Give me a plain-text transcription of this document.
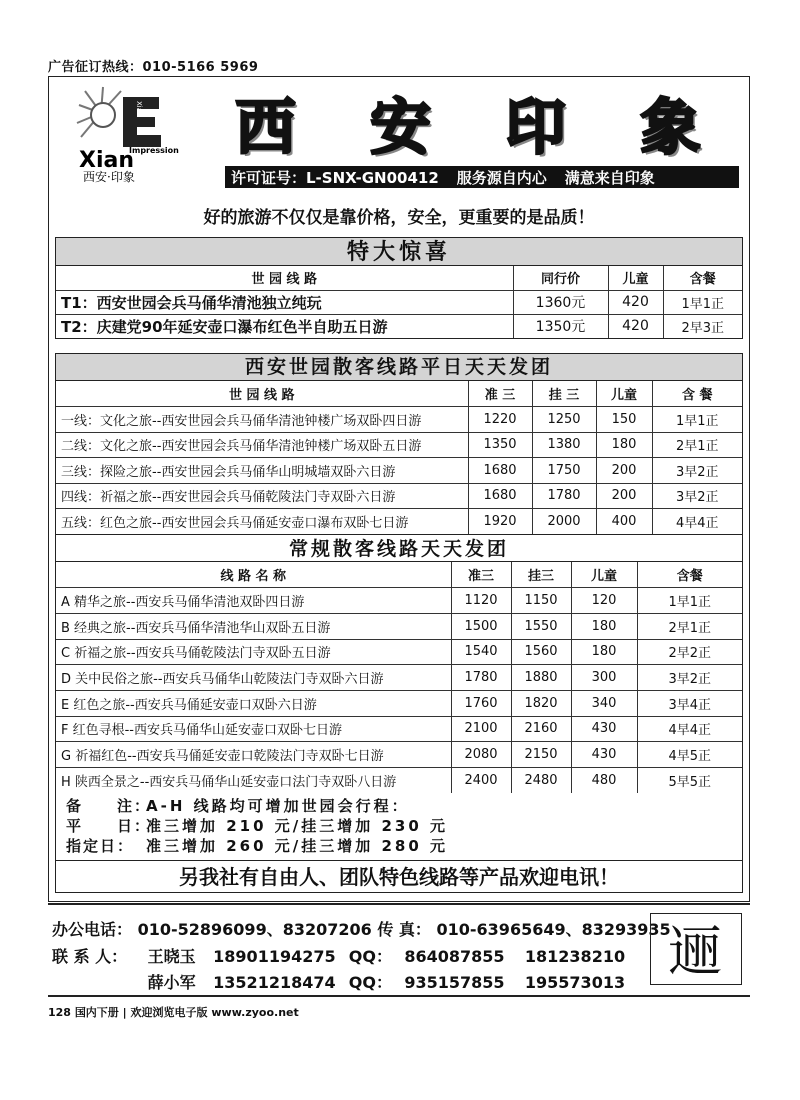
广告征订热线：010-5166 5969
Xian
Impression
Xian
西安·印象
西 安 印 象
许可证号：L-SNX-GN00412 服务源自内心 满意来自印象
好的旅游不仅仅是靠价格，安全，更重要的是品质！
特大惊喜
世 园 线 路	同行价	儿童	含餐
T1：西安世园会兵马俑华清池独立纯玩	1360元	420	1早1正
T2：庆建党90年延安壶口瀑布红色半自助五日游	1350元	420	2早3正
西安世园散客线路平日天天发团
世 园 线 路	准 三	挂 三	儿童	含 餐
一线：文化之旅--西安世园会兵马俑华清池钟楼广场双卧四日游	1220	1250	150	1早1正
二线：文化之旅--西安世园会兵马俑华清池钟楼广场双卧五日游	1350	1380	180	2早1正
三线：探险之旅--西安世园会兵马俑华山明城墙双卧六日游	1680	1750	200	3早2正
四线：祈福之旅--西安世园会兵马俑乾陵法门寺双卧六日游	1680	1780	200	3早2正
五线：红色之旅--西安世园会兵马俑延安壶口瀑布双卧七日游	1920	2000	400	4早4正
常规散客线路天天发团
线 路 名 称	准三	挂三	儿童	含餐
A 精华之旅--西安兵马俑华清池双卧四日游	1120	1150	120	1早1正
B 经典之旅--西安兵马俑华清池华山双卧五日游	1500	1550	180	2早1正
C 祈福之旅--西安兵马俑乾陵法门寺双卧五日游	1540	1560	180	2早2正
D 关中民俗之旅--西安兵马俑华山乾陵法门寺双卧六日游	1780	1880	300	3早2正
E 红色之旅--西安兵马俑延安壶口双卧六日游	1760	1820	340	3早4正
F 红色寻根--西安兵马俑华山延安壶口双卧七日游	2100	2160	430	4早4正
G 祈福红色--西安兵马俑延安壶口乾陵法门寺双卧七日游	2080	2150	430	4早5正
H 陕西全景之--西安兵马俑华山延安壶口法门寺双卧八日游	2400	2480	480	5早5正
备　　注：
A-H 线路均可增加世园会行程：
平　　日：
准三增加 210 元/挂三增加 230 元
指定日： 准三增加 260 元/挂三增加 280 元
另我社有自由人、团队特色线路等产品欢迎电讯！
办公电话： 010-52896099、83207206 传 真： 010-63965649、83293935
联 系 人： 王晓玉 18901194275 QQ： 864087855 181238210
薛小军 13521218474 QQ： 935157855 195573013 逦
128 国内下册 | 欢迎浏览电子版 www.zyoo.net
